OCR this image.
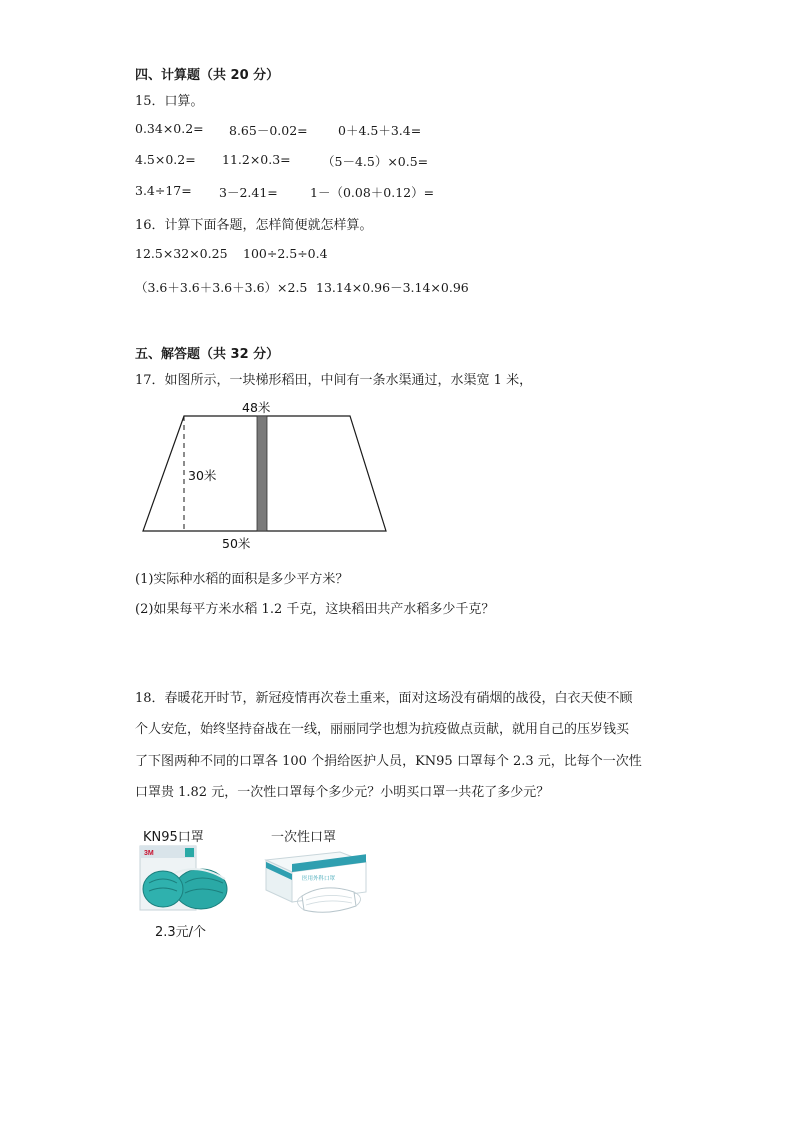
四、计算题（共 20 分）
15．口算。
0.34×0.2= 8.65－0.02= 0＋4.5＋3.4=
4.5×0.2= 11.2×0.3=	（5－4.5）×0.5=
3.4÷17= 3－2.41=	1－（0.08＋0.12）=
16．计算下面各题，怎样简便就怎样算。
12.5×32×0.25 100÷2.5÷0.4
（3.6＋3.6＋3.6＋3.6）×2.5 13.14×0.96－3.14×0.96
五、解答题（共 32 分）
17．如图所示，一块梯形稻田，中间有一条水渠通过，水渠宽 1 米，
48米
30米
50米
(1)实际种水稻的面积是多少平方米？
(2)如果每平方米水稻 1.2 千克，这块稻田共产水稻多少千克？
18．春暖花开时节，新冠疫情再次卷土重来，面对这场没有硝烟的战役，白衣天使不顾
个人安危，始终坚持奋战在一线，丽丽同学也想为抗疫做点贡献，就用自己的压岁钱买
了下图两种不同的口罩各 100 个捐给医护人员，KN95 口罩每个 2.3 元，比每个一次性
口罩贵 1.82 元，一次性口罩每个多少元？小明买口罩一共花了多少元？
KN95口罩
3M
2.3元/个
一次性口罩
医用外科口罩
